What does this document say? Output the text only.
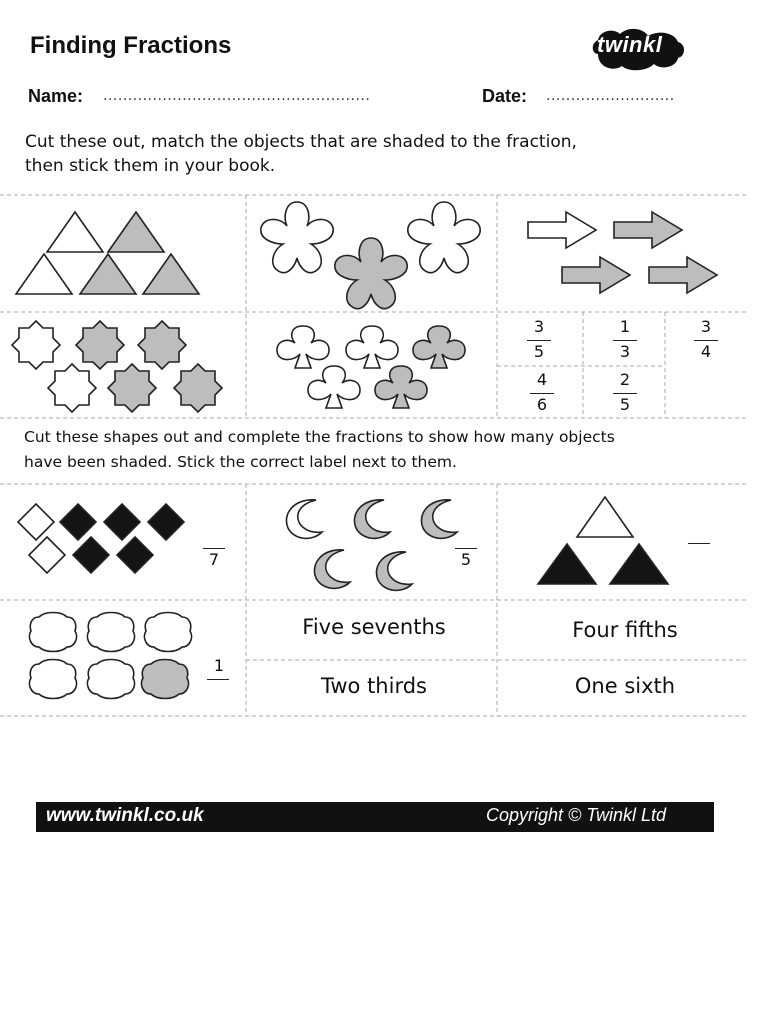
Finding Fractions	twinkl
Name: ......................................................	Date: ..........................
Cut these out, match the objects that are shaded to the fraction,
then stick them in your book.
3
5
1
3
3
4
4
6
2
5
Cut these shapes out and complete the fractions to show how many objects
have been shaded. Stick the correct label next to them.
7	5
1
Five sevenths	Four fifths
Two thirds	One sixth
www.twinkl.co.uk	Copyright © Twinkl Ltd
